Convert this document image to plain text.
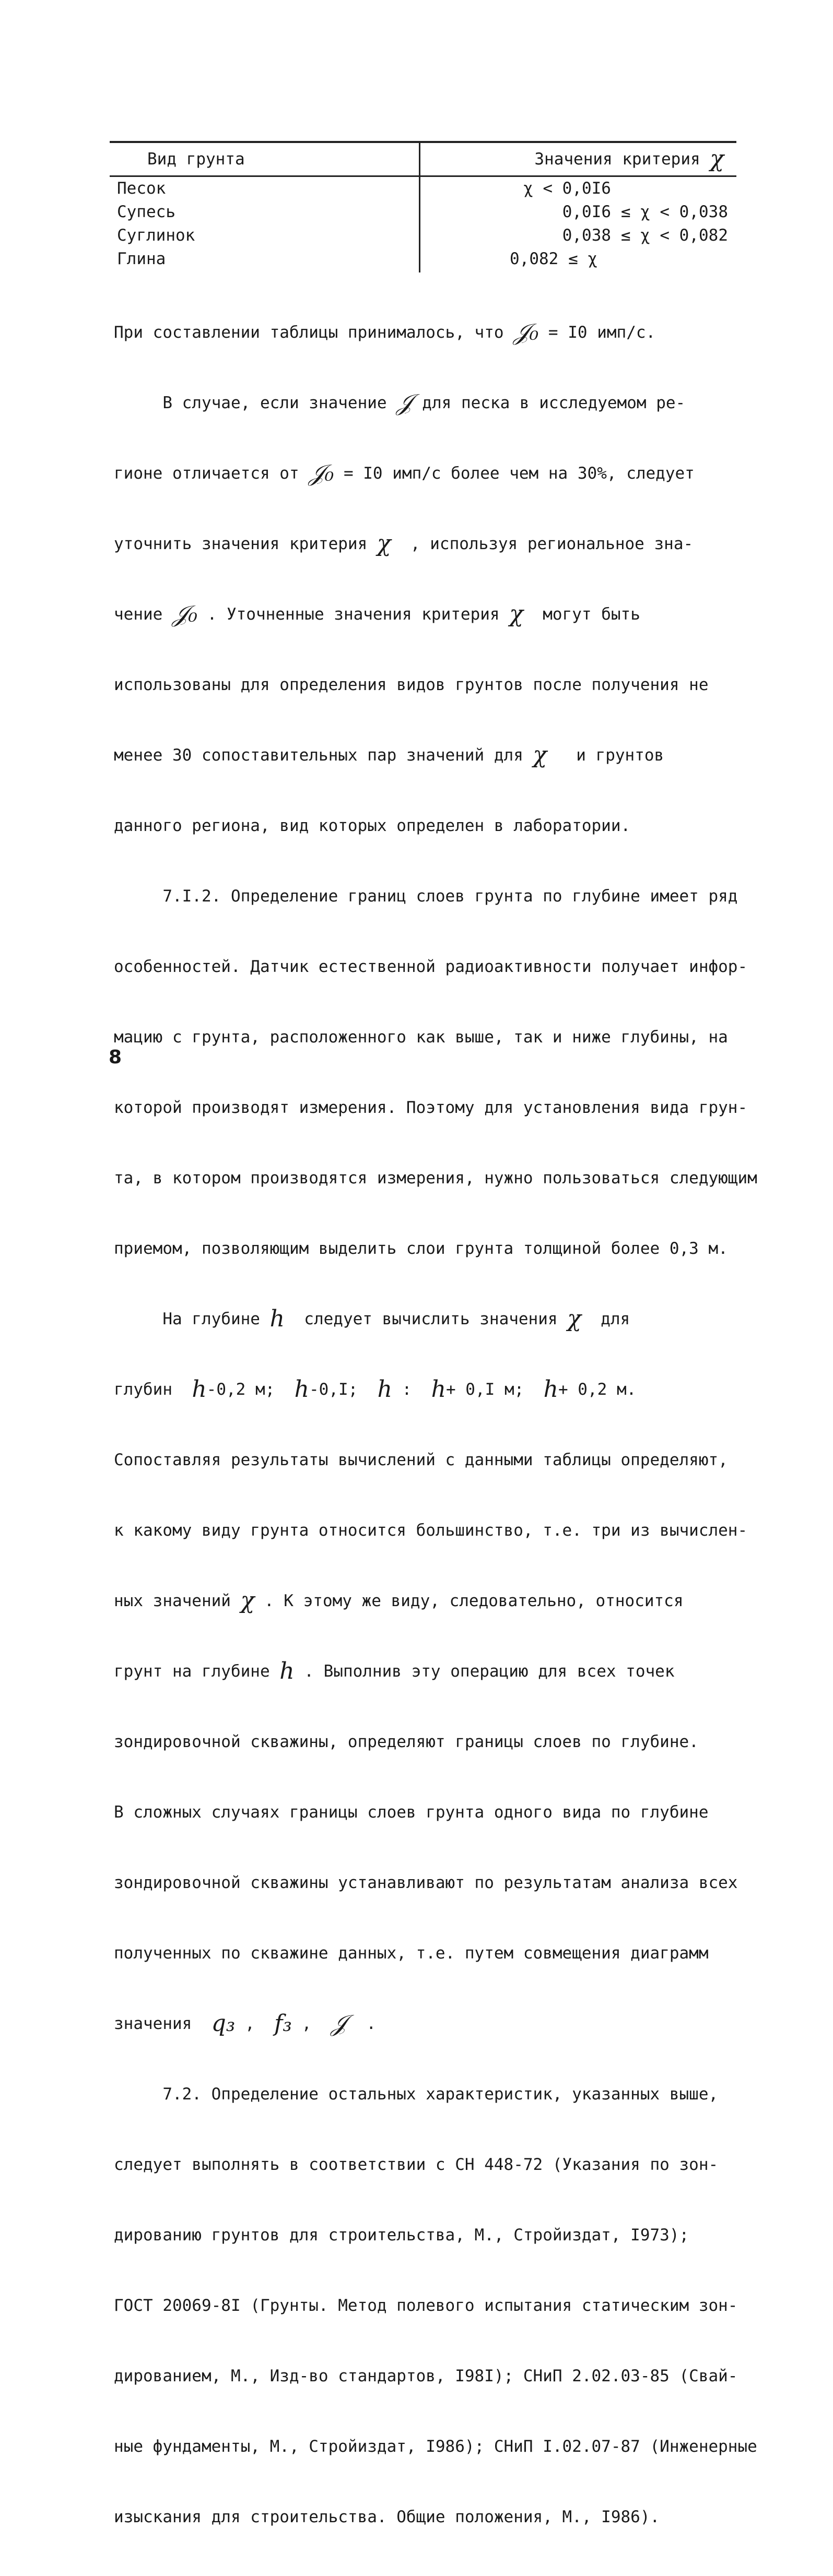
Вид грунта	Значения критерия χ
Песок	χ < 0,0I6
Супесь	0,0I6 ≤ χ < 0,038
Суглинок	0,038 ≤ χ < 0,082
Глина	0,082 ≤ χ

При составлении таблицы принималось, что 𝒥₀ = I0 имп/с.

В случае, если значение 𝒥 для песка в исследуемом ре-

гионе отличается от 𝒥₀ = I0 имп/с более чем на 30%, следует

уточнить значения критерия χ  , используя региональное зна-

чение 𝒥₀ . Уточненные значения критерия χ  могут быть

использованы для определения видов грунтов после получения не

менее 30 сопоставительных пар значений для χ   и грунтов

данного региона, вид которых определен в лаборатории.

7.I.2. Определение границ слоев грунта по глубине имеет ряд

особенностей. Датчик естественной радиоактивности получает инфор-

мацию с грунта, расположенного как выше, так и ниже глубины, на

которой производят измерения. Поэтому для установления вида грун-

та, в котором производятся измерения, нужно пользоваться следующим

приемом, позволяющим выделить слои грунта толщиной более 0,3 м.

На глубине h  следует вычислить значения χ  для

глубин  h-0,2 м;  h-0,I;  h :  h+ 0,I м;  h+ 0,2 м.

Сопоставляя результаты вычислений с данными таблицы определяют,

к какому виду грунта относится большинство, т.е. три из вычислен-

ных значений χ . К этому же виду, следовательно, относится

грунт на глубине h . Выполнив эту операцию для всех точек

зондировочной скважины, определяют границы слоев по глубине.

В сложных случаях границы слоев грунта одного вида по глубине

зондировочной скважины устанавливают по результатам анализа всех

полученных по скважине данных, т.е. путем совмещения диаграмм

значения  q₃ ,  f₃ ,  𝒥  .

7.2. Определение остальных характеристик, указанных выше,

следует выполнять в соответствии с СН 448-72 (Указания по зон-

дированию грунтов для строительства, М., Стройиздат, I973);

ГОСТ 20069-8I (Грунты. Метод полевого испытания статическим зон-

дированием, М., Изд-во стандартов, I98I); СНиП 2.02.03-85 (Свай-

ные фундаменты, М., Стройиздат, I986); СНиП I.02.07-87 (Инженерные

изыскания для строительства. Общие положения, М., I986).

8
